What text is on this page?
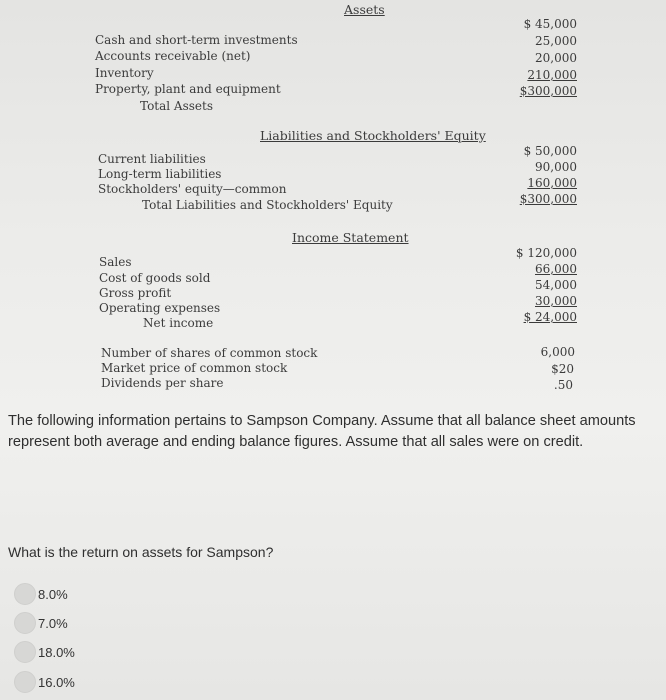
Assets
Cash and short-term investments
Accounts receivable (net)
Inventory
Property, plant and equipment
Total Assets
$ 45,000
25,000
20,000
210,000
$300,000
Liabilities and Stockholders' Equity
Current liabilities
Long-term liabilities
Stockholders' equity—common
Total Liabilities and Stockholders' Equity
$ 50,000
90,000
160,000
$300,000
Income Statement
Sales
Cost of goods sold
Gross profit
Operating expenses
Net income
$ 120,000
66,000
54,000
30,000
$ 24,000
Number of shares of common stock
Market price of common stock
Dividends per share
6,000
$20
.50
The following information pertains to Sampson Company. Assume that all balance sheet amounts represent both average and ending balance figures. Assume that all sales were on credit.
What is the return on assets for Sampson?
8.0%
7.0%
18.0%
16.0%
